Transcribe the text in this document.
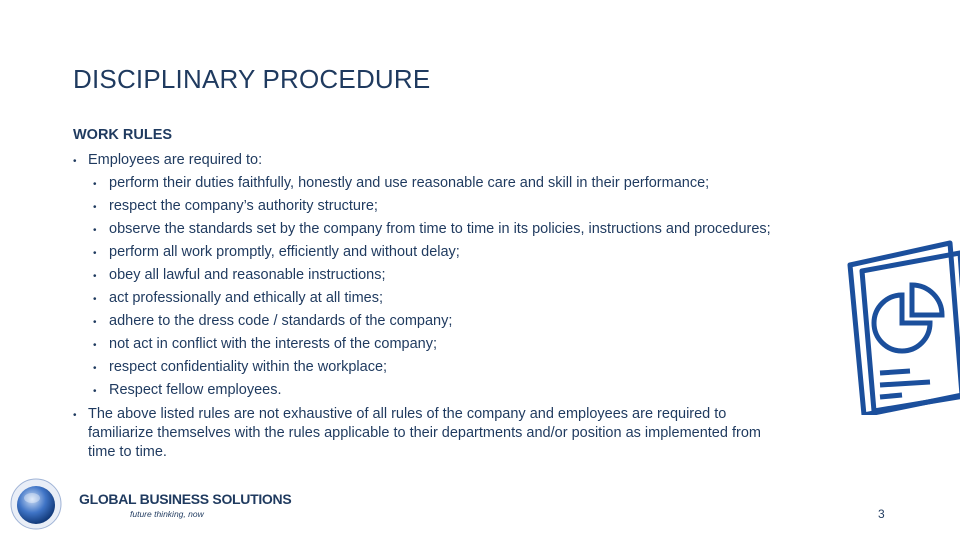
DISCIPLINARY PROCEDURE
WORK RULES
• Employees are required to:
• perform their duties faithfully, honestly and use reasonable care and skill in their performance;
• respect the company’s authority structure;
• observe the standards set by the company from time to time in its policies, instructions and procedures;
• perform all work promptly, efficiently and without delay;
• obey all lawful and reasonable instructions;
• act professionally and ethically at all times;
• adhere to the dress code / standards of the company;
• not act in conflict with the interests of the company;
• respect confidentiality within the workplace;
• Respect fellow employees.
• The above listed rules are not exhaustive of all rules of the company and employees are required to familiarize themselves with the rules applicable to their departments and/or position as implemented from time to time.
GLOBAL BUSINESS SOLUTIONS
future thinking, now	3
